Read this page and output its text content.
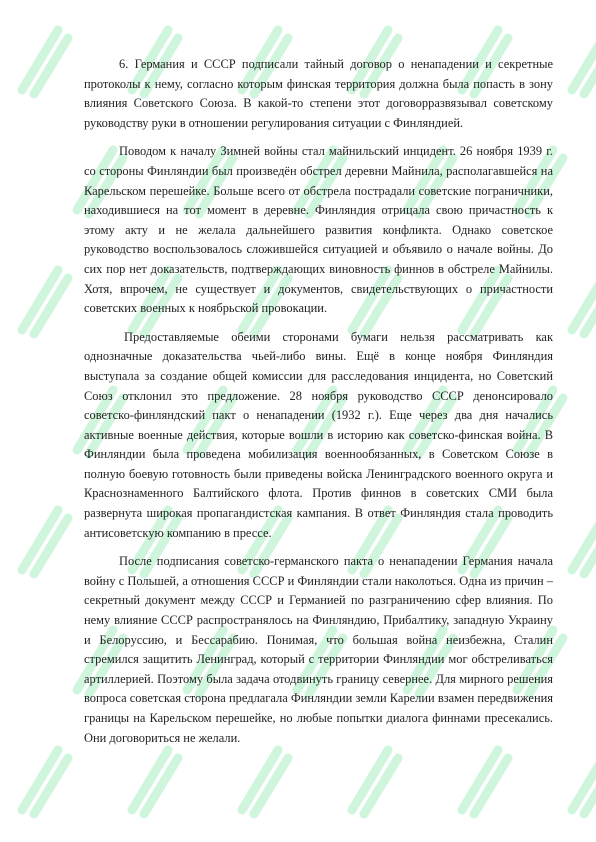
6. Германия и СССР подписали тайный договор о ненападении и секретные протоколы к нему, согласно которым финская территория должна была попасть в зону влияния Советского Союза. В какой-то степени этот договорразвязывал советскому руководству руки в отношении регулирования ситуации с Финляндией.

Поводом к началу Зимней войны стал майнильский инцидент. 26 ноября 1939 г. со стороны Финляндии был произведён обстрел деревни Майнила, располагавшейся на Карельском перешейке. Больше всего от обстрела пострадали советские пограничники, находившиеся на тот момент в деревне. Финляндия отрицала свою причастность к этому акту и не желала дальнейшего развития конфликта. Однако советское руководство воспользовалось сложившейся ситуацией и объявило о начале войны. До сих пор нет доказательств, подтверждающих виновность финнов в обстреле Майнилы. Хотя, впрочем, не существует и документов, свидетельствующих о причастности советских военных к ноябрьской провокации.

Предоставляемые обеими сторонами бумаги нельзя рассматривать как однозначные доказательства чьей-либо вины. Ещё в конце ноября Финляндия выступала за создание общей комиссии для расследования инцидента, но Советский Союз отклонил это предложение. 28 ноября руководство СССР денонсировало советско-финляндский пакт о ненападении (1932 г.). Еще через два дня начались активные военные действия, которые вошли в историю как советско-финская война. В Финляндии была проведена мобилизация военнообязанных, в Советском Союзе в полную боевую готовность были приведены войска Ленинградского военного округа и Краснознаменного Балтийского флота. Против финнов в советских СМИ была развернута широкая пропагандистская кампания. В ответ Финляндия стала проводить антисоветскую компанию в прессе.

После подписания советско-германского пакта о ненападении Германия начала войну с Польшей, а отношения СССР и Финляндии стали наколоться. Одна из причин – секретный документ между СССР и Германией по разграничению сфер влияния. По нему влияние СССР распространялось на Финляндию, Прибалтику, западную Украину и Белоруссию, и Бессарабию. Понимая, что большая война неизбежна, Сталин стремился защитить Ленинград, который с территории Финляндии мог обстреливаться артиллерией. Поэтому была задача отодвинуть границу севернее. Для мирного решения вопроса советская сторона предлагала Финляндии земли Карелии взамен передвижения границы на Карельском перешейке, но любые попытки диалога финнами пресекались. Они договориться не желали.
